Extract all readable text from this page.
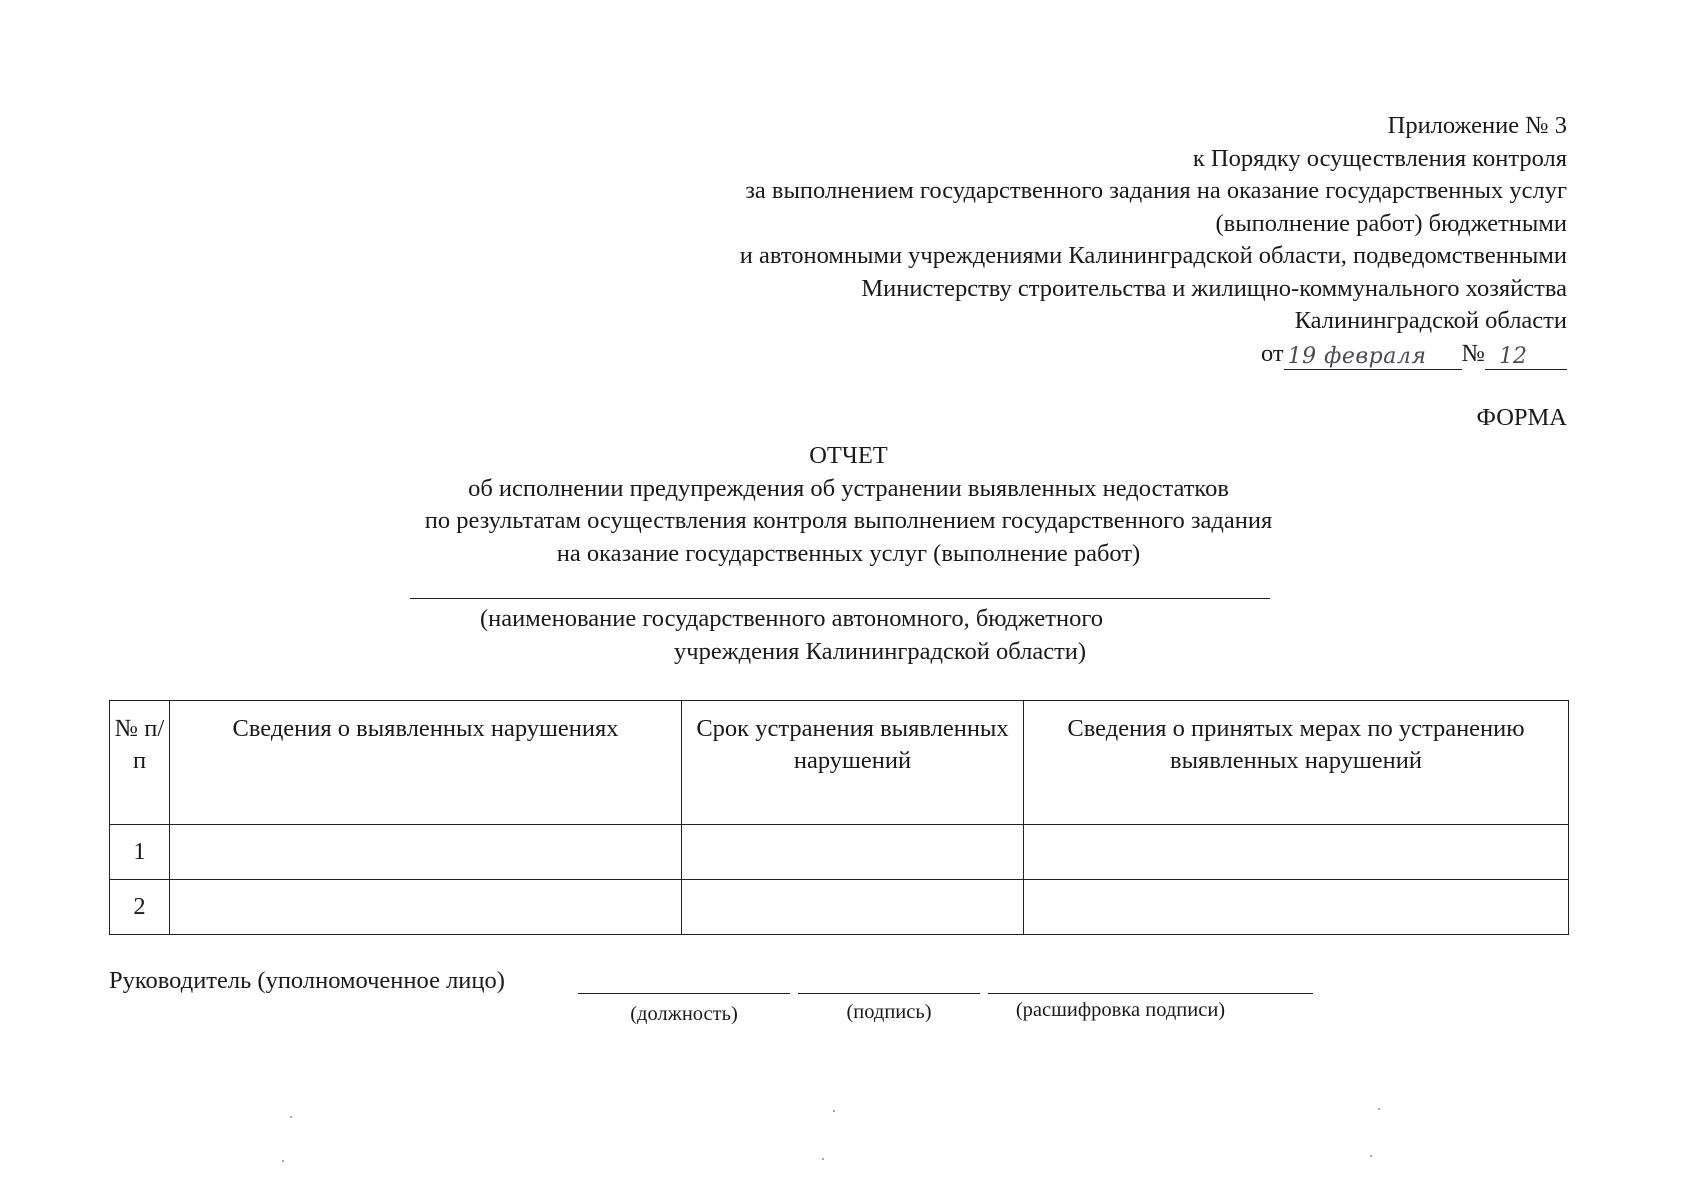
Приложение № 3
к Порядку осуществления контроля
за выполнением государственного задания на оказание государственных услуг
(выполнение работ) бюджетными
и автономными учреждениями Калининградской области, подведомственными
Министерству строительства и жилищно-коммунального хозяйства
Калининградской области
от 19 февраля	№ 12
ФОРМА
ОТЧЕТ
об исполнении предупреждения об устранении выявленных недостатков
по результатам осуществления контроля выполнением государственного задания
на оказание государственных услуг (выполнение работ)
(наименование государственного автономного, бюджетного
учреждения Калининградской области)
№ п/п	Сведения о выявленных нарушениях	Срок устранения выявленных нарушений	Сведения о принятых мерах по устранению выявленных нарушений
1			
2			
Руководитель (уполномоченное лицо)
(должность)	(подпись)	(расшифровка подписи)
